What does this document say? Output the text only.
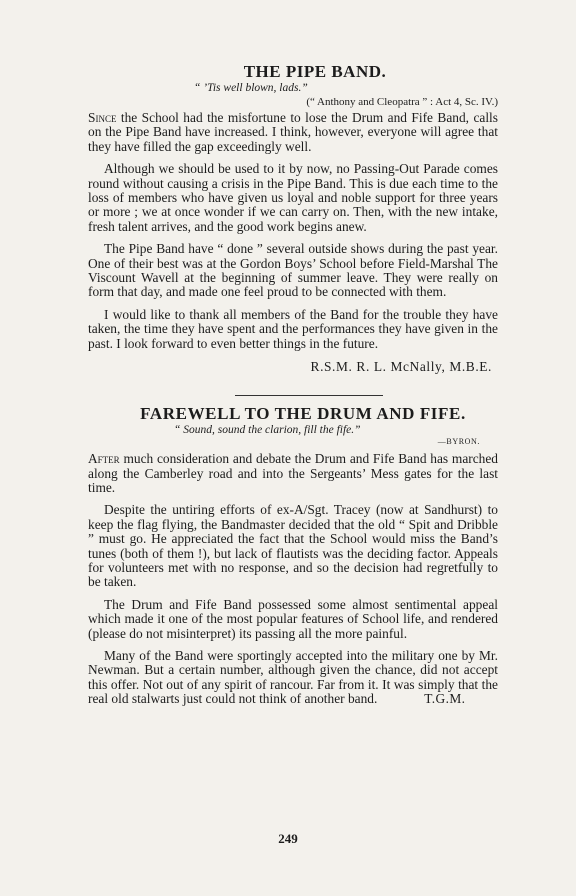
THE PIPE BAND.

“ ’Tis well blown, lads.”

(“ Anthony and Cleopatra ” : Act 4, Sc. IV.)

Since the School had the misfortune to lose the Drum and Fife Band, calls on the Pipe Band have increased. I think, however, everyone will agree that they have filled the gap exceedingly well.

Although we should be used to it by now, no Passing-Out Parade comes round without causing a crisis in the Pipe Band. This is due each time to the loss of members who have given us loyal and noble support for three years or more ; we at once wonder if we can carry on. Then, with the new intake, fresh talent arrives, and the good work begins anew.

The Pipe Band have “ done ” several outside shows during the past year. One of their best was at the Gordon Boys’ School before Field-Marshal The Viscount Wavell at the beginning of summer leave. They were really on form that day, and made one feel proud to be connected with them.

I would like to thank all members of the Band for the trouble they have taken, the time they have spent and the performances they have given in the past. I look forward to even better things in the future.

R.S.M. R. L. McNally, M.B.E.

FAREWELL TO THE DRUM AND FIFE.

“ Sound, sound the clarion, fill the fife.”

—BYRON.

After much consideration and debate the Drum and Fife Band has marched along the Camberley road and into the Sergeants’ Mess gates for the last time.

Despite the untiring efforts of ex-A/Sgt. Tracey (now at Sandhurst) to keep the flag flying, the Bandmaster decided that the old “ Spit and Dribble ” must go. He appreciated the fact that the School would miss the Band’s tunes (both of them !), but lack of flautists was the deciding factor. Appeals for volunteers met with no response, and so the decision had regretfully to be taken.

The Drum and Fife Band possessed some almost sentimental appeal which made it one of the most popular features of School life, and rendered (please do not misinterpret) its passing all the more painful.

Many of the Band were sportingly accepted into the military one by Mr. Newman. But a certain number, although given the chance, did not accept this offer. Not out of any spirit of rancour. Far from it. It was simply that the real old stalwarts just could not think of another band.	T.G.M.

249
